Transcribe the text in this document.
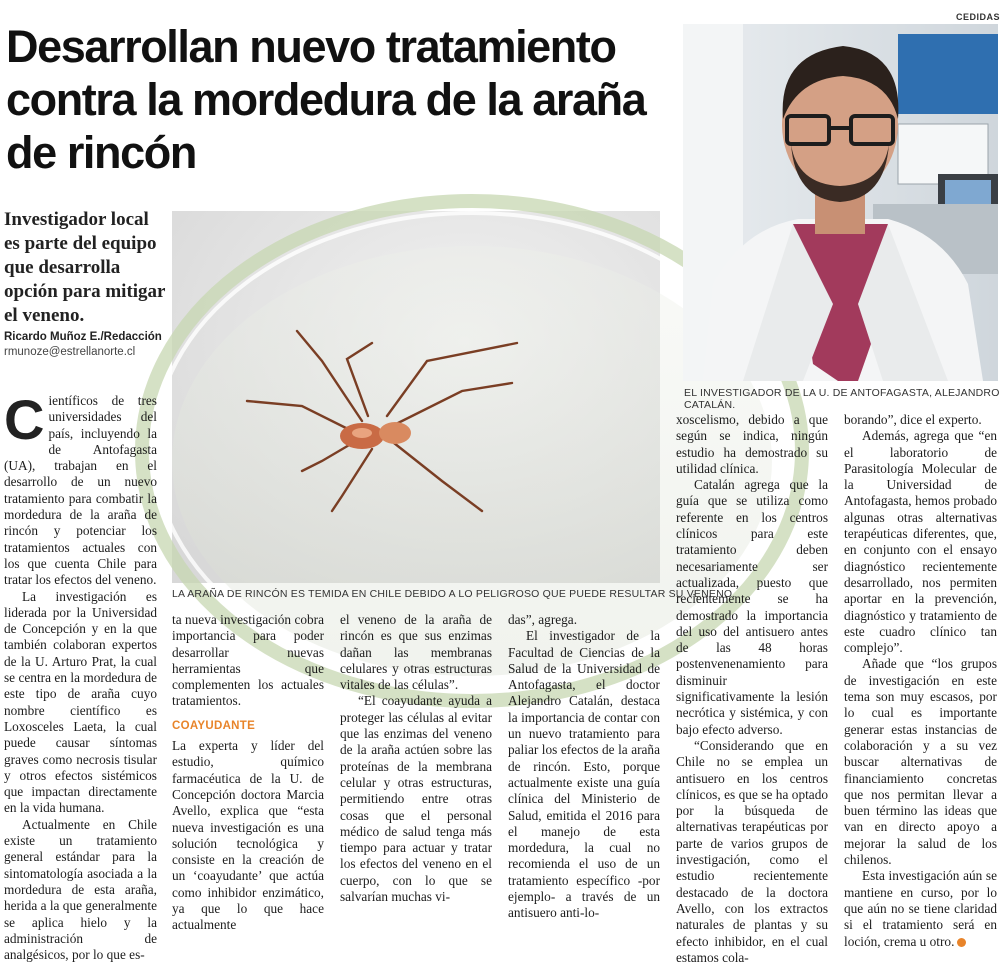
CEDIDAS
Desarrollan nuevo tratamiento contra la mordedura de la araña de rincón
Investigador local es parte del equipo que desarrolla opción para mitigar el veneno.
Ricardo Muñoz E./Redacción
rmunoze@estrellanorte.cl
LA ARAÑA DE RINCÓN ES TEMIDA EN CHILE DEBIDO A LO PELIGROSO QUE PUEDE RESULTAR SU VENENO.
EL INVESTIGADOR DE LA U. DE ANTOFAGASTA, ALEJANDRO CATALÁN.

Científicos de tres universidades del país, incluyendo la de Antofagasta (UA), trabajan en el desarrollo de un nuevo tratamiento para combatir la mordedura de la araña de rincón y potenciar los tratamientos actuales con los que cuenta Chile para tratar los efectos del veneno.

La investigación es liderada por la Universidad de Concepción y en la que también colaboran expertos de la U. Arturo Prat, la cual se centra en la mordedura de este tipo de araña cuyo nombre científico es Loxosceles Laeta, la cual puede causar síntomas graves como necrosis tisular y otros efectos sistémicos que impactan directamente en la vida humana.

Actualmente en Chile existe un tratamiento general estándar para la sintomatología asociada a la mordedura de esta araña, herida a la que generalmente se aplica hielo y la administración de analgésicos, por lo que es-

ta nueva investigación cobra importancia para poder desarrollar nuevas herramientas que complementen los actuales tratamientos.

COAYUDANTE

La experta y líder del estudio, químico farmacéutica de la U. de Concepción doctora Marcia Avello, explica que “esta nueva investigación es una solución tecnológica y consiste en la creación de un ‘coayudante’ que actúa como inhibidor enzimático, ya que lo que hace actualmente

el veneno de la araña de rincón es que sus enzimas dañan las membranas celulares y otras estructuras vitales de las células”.

“El coayudante ayuda a proteger las células al evitar que las enzimas del veneno de la araña actúen sobre las proteínas de la membrana celular y otras estructuras, permitiendo entre otras cosas que el personal médico de salud tenga más tiempo para actuar y tratar los efectos del veneno en el cuerpo, con lo que se salvarían muchas vi-

das”, agrega.

El investigador de la Facultad de Ciencias de la Salud de la Universidad de Antofagasta, el doctor Alejandro Catalán, destaca la importancia de contar con un nuevo tratamiento para paliar los efectos de la araña de rincón. Esto, porque actualmente existe una guía clínica del Ministerio de Salud, emitida el 2016 para el manejo de esta mordedura, la cual no recomienda el uso de un tratamiento específico -por ejemplo- a través de un antisuero anti-lo-

xoscelismo, debido a que según se indica, ningún estudio ha demostrado su utilidad clínica.

Catalán agrega que la guía que se utiliza como referente en los centros clínicos para este tratamiento deben necesariamente ser actualizada, puesto que recientemente se ha demostrado la importancia del uso del antisuero antes de las 48 horas postenvenenamiento para disminuir significativamente la lesión necrótica y sistémica, y con bajo efecto adverso.

“Considerando que en Chile no se emplea un antisuero en los centros clínicos, es que se ha optado por la búsqueda de alternativas terapéuticas por parte de varios grupos de investigación, como el estudio recientemente destacado de la doctora Avello, con los extractos naturales de plantas y su efecto inhibidor, en el cual estamos cola-

borando”, dice el experto.

Además, agrega que “en el laboratorio de Parasitología Molecular de la Universidad de Antofagasta, hemos probado algunas otras alternativas terapéuticas diferentes, que, en conjunto con el ensayo diagnóstico recientemente desarrollado, nos permiten aportar en la prevención, diagnóstico y tratamiento de este cuadro clínico tan complejo”.

Añade que “los grupos de investigación en este tema son muy escasos, por lo cual es importante generar estas instancias de colaboración y a su vez buscar alternativas de financiamiento concretas que nos permitan llevar a buen término las ideas que van en directo apoyo a mejorar la salud de los chilenos.

Esta investigación aún se mantiene en curso, por lo que aún no se tiene claridad si el tratamiento será en loción, crema u otro.
